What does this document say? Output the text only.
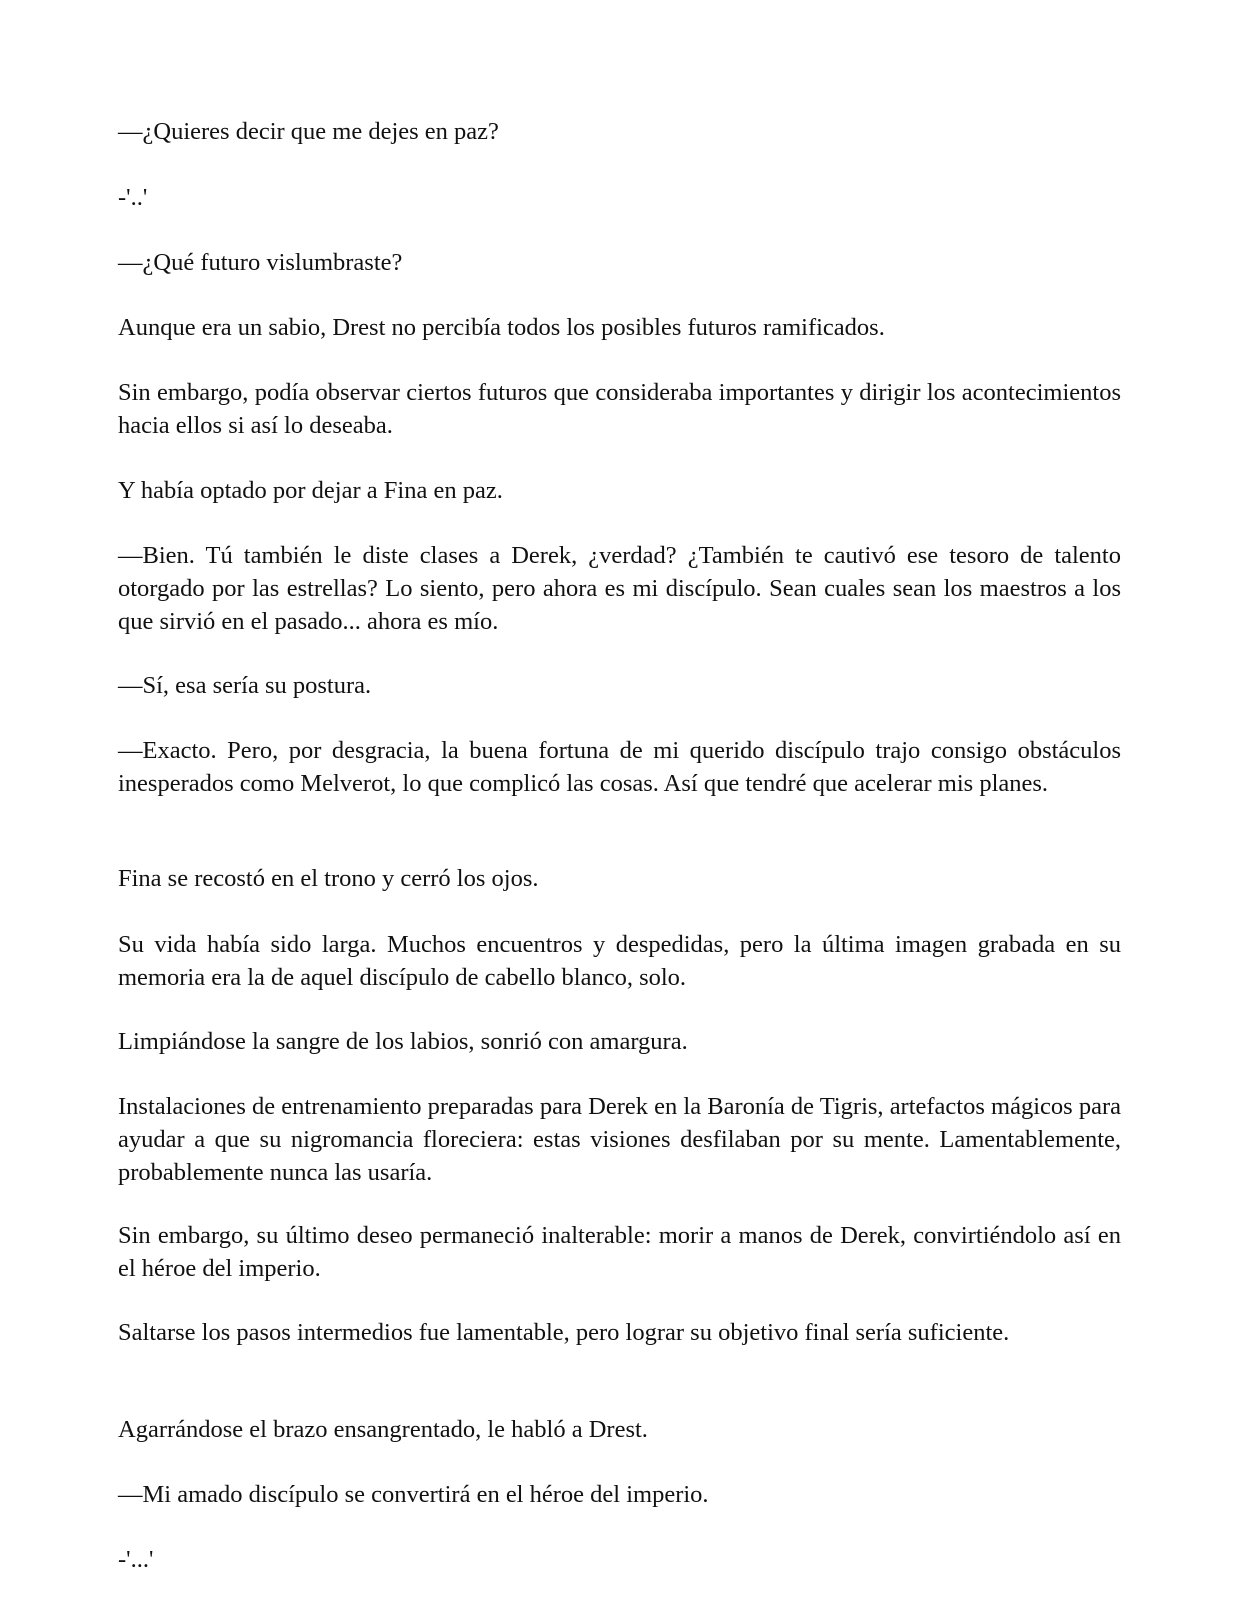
—¿Quieres decir que me dejes en paz?

-'..'

—¿Qué futuro vislumbraste?

Aunque era un sabio, Drest no percibía todos los posibles futuros ramificados.

Sin embargo, podía observar ciertos futuros que consideraba importantes y dirigir los acontecimientos hacia ellos si así lo deseaba.

Y había optado por dejar a Fina en paz.

—Bien. Tú también le diste clases a Derek, ¿verdad? ¿También te cautivó ese tesoro de talento otorgado por las estrellas? Lo siento, pero ahora es mi discípulo. Sean cuales sean los maestros a los que sirvió en el pasado... ahora es mío.

—Sí, esa sería su postura.

—Exacto. Pero, por desgracia, la buena fortuna de mi querido discípulo trajo consigo obstáculos inesperados como Melverot, lo que complicó las cosas. Así que tendré que acelerar mis planes.

Fina se recostó en el trono y cerró los ojos.

Su vida había sido larga. Muchos encuentros y despedidas, pero la última imagen grabada en su memoria era la de aquel discípulo de cabello blanco, solo.

Limpiándose la sangre de los labios, sonrió con amargura.

Instalaciones de entrenamiento preparadas para Derek en la Baronía de Tigris, artefactos mágicos para ayudar a que su nigromancia floreciera: estas visiones desfilaban por su mente. Lamentablemente, probablemente nunca las usaría.

Sin embargo, su último deseo permaneció inalterable: morir a manos de Derek, convirtiéndolo así en el héroe del imperio.

Saltarse los pasos intermedios fue lamentable, pero lograr su objetivo final sería suficiente.

Agarrándose el brazo ensangrentado, le habló a Drest.

—Mi amado discípulo se convertirá en el héroe del imperio.

-'...'
